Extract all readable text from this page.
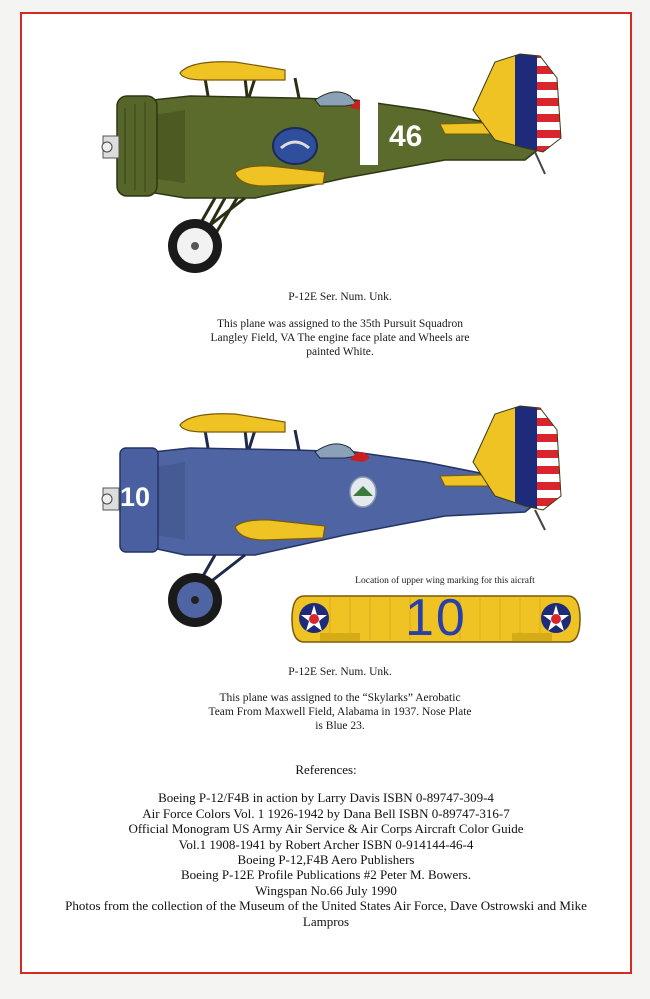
46
P-12E Ser. Num. Unk.
This plane was assigned to the 35th Pursuit Squadron
Langley Field, VA The engine face plate and Wheels are
painted White.
10
Location of upper wing marking for this aicraft
10
P-12E Ser. Num. Unk.
This plane was assigned to the “Skylarks” Aerobatic
Team From Maxwell Field, Alabama in 1937. Nose Plate
is Blue 23.
References:
Boeing P-12/F4B in action by Larry Davis ISBN 0-89747-309-4
Air Force Colors Vol. 1 1926-1942 by Dana Bell ISBN 0-89747-316-7
Official Monogram US Army Air Service & Air Corps Aircraft Color Guide
Vol.1 1908-1941 by Robert Archer ISBN 0-914144-46-4
Boeing P-12,F4B Aero Publishers
Boeing P-12E Profile Publications #2 Peter M. Bowers.
Wingspan No.66 July 1990
Photos from the collection of the Museum of the United States Air Force, Dave Ostrowski and Mike
Lampros
